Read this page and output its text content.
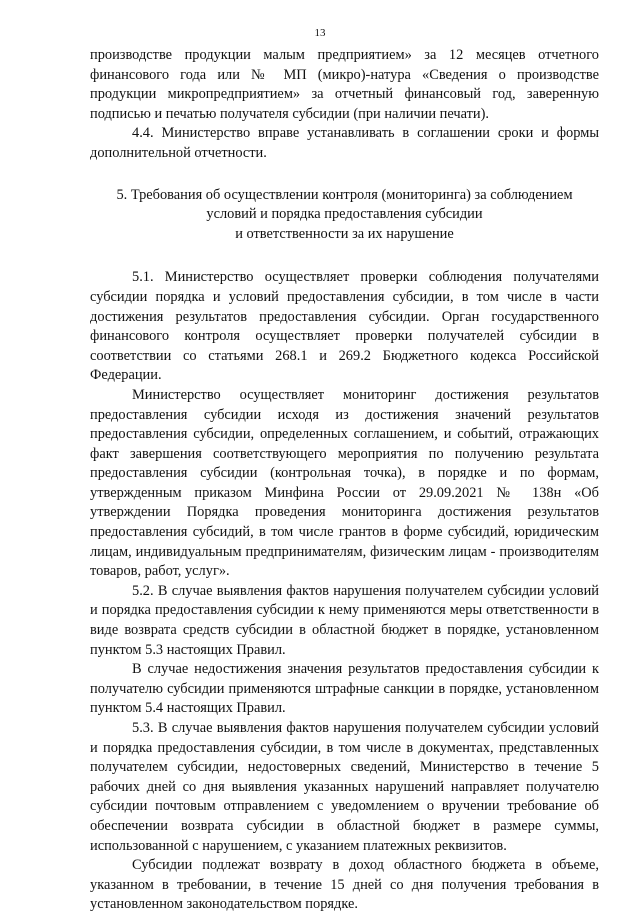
13

производстве продукции малым предприятием» за 12 месяцев отчетного финансового года или № МП (микро)-натура «Сведения о производстве продукции микропредприятием» за отчетный финансовый год, заверенную подписью и печатью получателя субсидии (при наличии печати).

4.4. Министерство вправе устанавливать в соглашении сроки и формы дополнительной отчетности.

5. Требования об осуществлении контроля (мониторинга) за соблюдением
условий и порядка предоставления субсидии
и ответственности за их нарушение

5.1. Министерство осуществляет проверки соблюдения получателями субсидии порядка и условий предоставления субсидии, в том числе в части достижения результатов предоставления субсидии. Орган государственного финансового контроля осуществляет проверки получателей субсидии в соответствии со статьями 268.1 и 269.2 Бюджетного кодекса Российской Федерации.

Министерство осуществляет мониторинг достижения результатов предоставления субсидии исходя из достижения значений результатов предоставления субсидии, определенных соглашением, и событий, отражающих факт завершения соответствующего мероприятия по получению результата предоставления субсидии (контрольная точка), в порядке и по формам, утвержденным приказом Минфина России от 29.09.2021 № 138н «Об утверждении Порядка проведения мониторинга достижения результатов предоставления субсидий, в том числе грантов в форме субсидий, юридическим лицам, индивидуальным предпринимателям, физическим лицам - производителям товаров, работ, услуг».

5.2. В случае выявления фактов нарушения получателем субсидии условий и порядка предоставления субсидии к нему применяются меры ответственности в виде возврата средств субсидии в областной бюджет в порядке, установленном пунктом 5.3 настоящих Правил.

В случае недостижения значения результатов предоставления субсидии к получателю субсидии применяются штрафные санкции в порядке, установленном пунктом 5.4 настоящих Правил.

5.3. В случае выявления фактов нарушения получателем субсидии условий и порядка предоставления субсидии, в том числе в документах, представленных получателем субсидии, недостоверных сведений, Министерство в течение 5 рабочих дней со дня выявления указанных нарушений направляет получателю субсидии почтовым отправлением с уведомлением о вручении требование об обеспечении возврата субсидии в областной бюджет в размере суммы, использованной с нарушением, с указанием платежных реквизитов.

Субсидии подлежат возврату в доход областного бюджета в объеме, указанном в требовании, в течение 15 дней со дня получения требования в установленном законодательством порядке.
